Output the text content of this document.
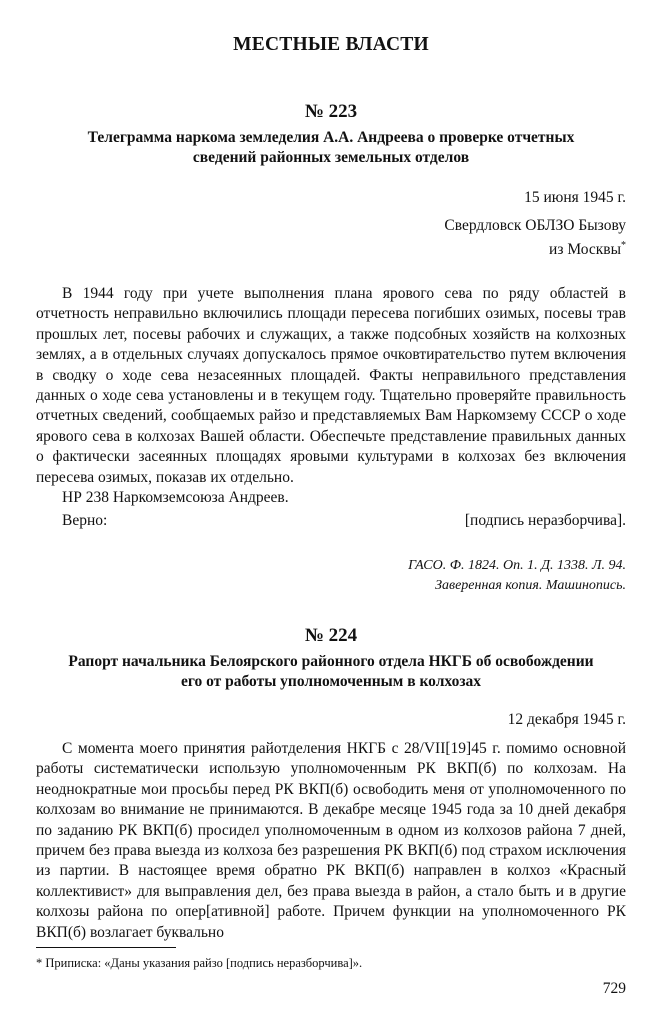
МЕСТНЫЕ ВЛАСТИ
№ 223
Телеграмма наркома земледелия А.А. Андреева о проверке отчетных
сведений районных земельных отделов
15 июня 1945 г.
Свердловск ОБЛЗО Бызову
из Москвы*

В 1944 году при учете выполнения плана ярового сева по ряду областей в отчетность неправильно включились площади пересева погибших озимых, посевы трав прошлых лет, посевы рабочих и служащих, а также подсобных хозяйств на колхозных землях, а в отдельных случаях допускалось прямое очковтирательство путем включения в сводку о ходе сева незасеянных площадей. Факты неправильного представления данных о ходе сева установлены и в текущем году. Тщательно проверяйте правильность отчетных сведений, сообщаемых райзо и представляемых Вам Наркомзему СССР о ходе ярового сева в колхозах Вашей области. Обеспечьте представление правильных данных о фактически засеянных площадях яровыми культурами в колхозах без включения пересева озимых, показав их отдельно.

НР 238 Наркомземсоюза Андреев.

Верно:	[подпись неразборчива].
ГАСО. Ф. 1824. Оп. 1. Д. 1338. Л. 94.
Заверенная копия. Машинопись.
№ 224
Рапорт начальника Белоярского районного отдела НКГБ об освобождении
его от работы уполномоченным в колхозах
12 декабря 1945 г.

С момента моего принятия райотделения НКГБ с 28/VII[19]45 г. помимо основной работы систематически использую уполномоченным РК ВКП(б) по колхозам. На неоднократные мои просьбы перед РК ВКП(б) освободить меня от уполномоченного по колхозам во внимание не принимаются. В декабре месяце 1945 года за 10 дней декабря по заданию РК ВКП(б) просидел уполномоченным в одном из колхозов района 7 дней, причем без права выезда из колхоза без разрешения РК ВКП(б) под страхом исключения из партии. В настоящее время обратно РК ВКП(б) направлен в колхоз «Красный коллективист» для выправления дел, без права выезда в район, а стало быть и в другие колхозы района по опер[ативной] работе. Причем функции на уполномоченного РК ВКП(б) возлагает буквально

* Приписка: «Даны указания райзо [подпись неразборчива]».
729
